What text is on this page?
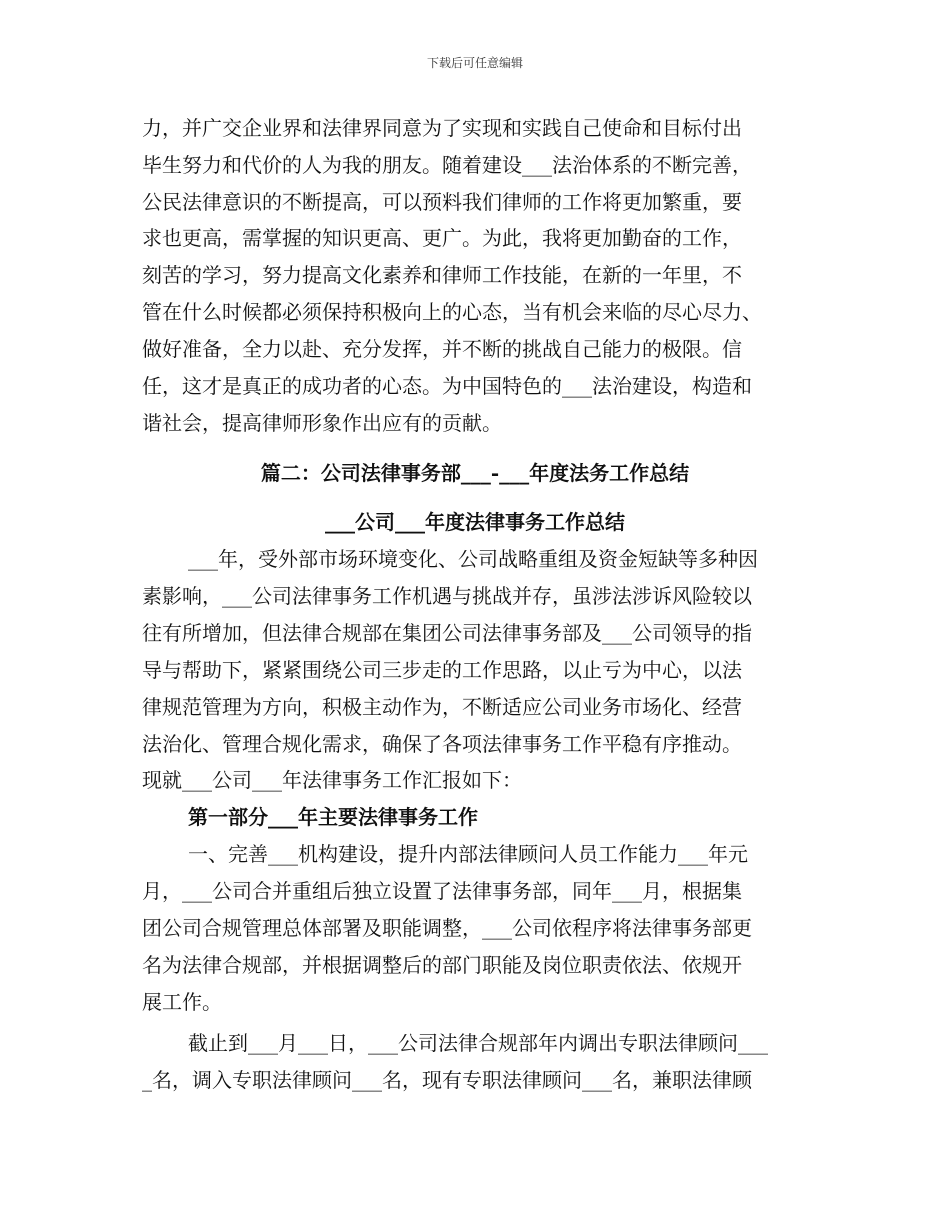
下载后可任意编辑
力，并广交企业界和法律界同意为了实现和实践自己使命和目标付出
毕生努力和代价的人为我的朋友。随着建设___法治体系的不断完善，
公民法律意识的不断提高，可以预料我们律师的工作将更加繁重，要
求也更高，需掌握的知识更高、更广。为此，我将更加勤奋的工作，
刻苦的学习，努力提高文化素养和律师工作技能，在新的一年里，不
管在什么时候都必须保持积极向上的心态，当有机会来临的尽心尽力、
做好准备，全力以赴、充分发挥，并不断的挑战自己能力的极限。信
任，这才是真正的成功者的心态。为中国特色的___法治建设，构造和
谐社会，提高律师形象作出应有的贡献。
篇二：公司法律事务部___-___年度法务工作总结
___公司___年度法律事务工作总结
___年，受外部市场环境变化、公司战略重组及资金短缺等多种因
素影响，___公司法律事务工作机遇与挑战并存，虽涉法涉诉风险较以
往有所增加，但法律合规部在集团公司法律事务部及___公司领导的指
导与帮助下，紧紧围绕公司三步走的工作思路，以止亏为中心，以法
律规范管理为方向，积极主动作为，不断适应公司业务市场化、经营
法治化、管理合规化需求，确保了各项法律事务工作平稳有序推动。
现就___公司___年法律事务工作汇报如下：
第一部分___年主要法律事务工作
一、完善___机构建设，提升内部法律顾问人员工作能力___年元
月，___公司合并重组后独立设置了法律事务部，同年___月，根据集
团公司合规管理总体部署及职能调整，___公司依程序将法律事务部更
名为法律合规部，并根据调整后的部门职能及岗位职责依法、依规开
展工作。
截止到___月___日，___公司法律合规部年内调出专职法律顾问___
_名，调入专职法律顾问___名，现有专职法律顾问___名，兼职法律顾
